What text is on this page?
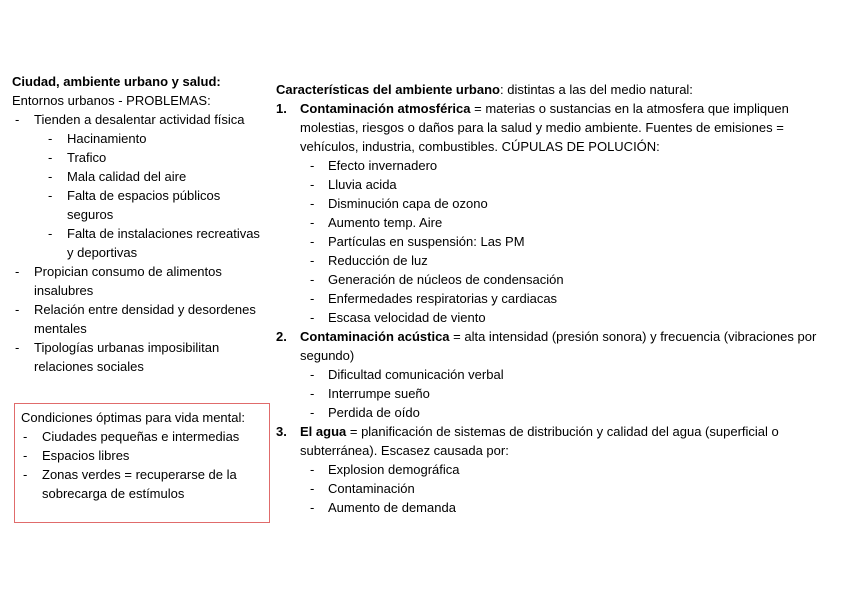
Ciudad, ambiente urbano y salud:
Entornos urbanos - PROBLEMAS:
- Tienden a desalentar actividad física
- Hacinamiento
- Trafico
- Mala calidad del aire
- Falta de espacios públicos seguros
- Falta de instalaciones recreativas y deportivas
- Propician consumo de alimentos insalubres
- Relación entre densidad y desordenes mentales
- Tipologías urbanas imposibilitan relaciones sociales
Condiciones óptimas para vida mental:
- Ciudades pequeñas e intermedias
- Espacios libres
- Zonas verdes = recuperarse de la sobrecarga de estímulos
Características del ambiente urbano: distintas a las del medio natural:
1. Contaminación atmosférica = materias o sustancias en la atmosfera que impliquen molestias, riesgos o daños para la salud y medio ambiente. Fuentes de emisiones = vehículos, industria, combustibles. CÚPULAS DE POLUCIÓN:
- Efecto invernadero
- Lluvia acida
- Disminución capa de ozono
- Aumento temp. Aire
- Partículas en suspensión: Las PM
- Reducción de luz
- Generación de núcleos de condensación
- Enfermedades respiratorias y cardiacas
- Escasa velocidad de viento
2. Contaminación acústica = alta intensidad (presión sonora) y frecuencia (vibraciones por segundo)
- Dificultad comunicación verbal
- Interrumpe sueño
- Perdida de oído
3. El agua = planificación de sistemas de distribución y calidad del agua (superficial o subterránea). Escasez causada por:
- Explosion demográfica
- Contaminación
- Aumento de demanda
